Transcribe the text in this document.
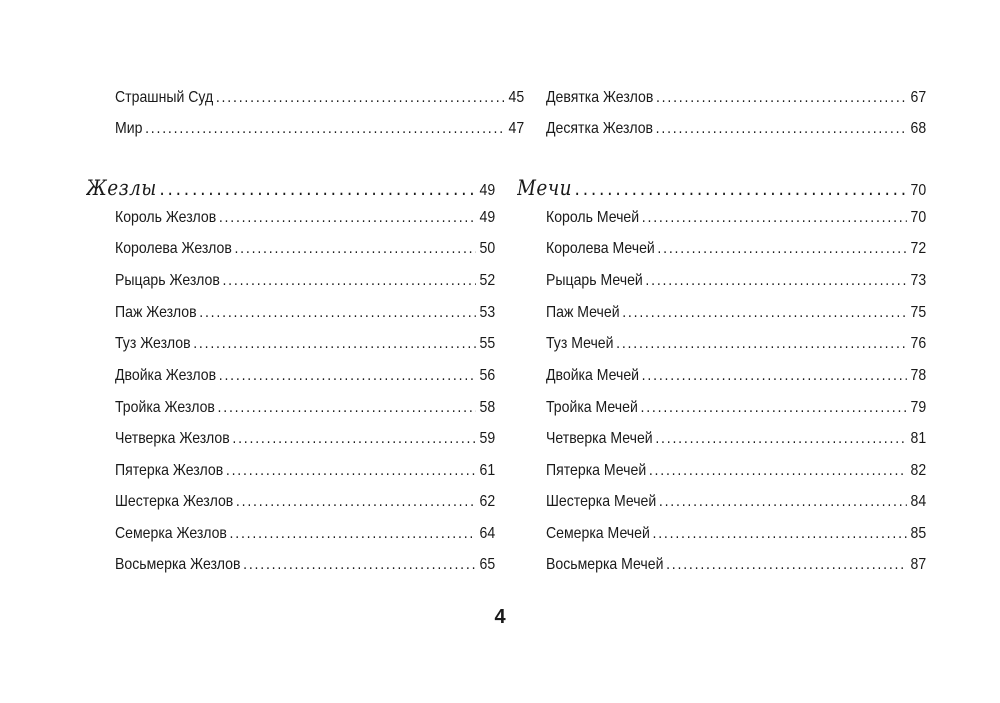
Страшный Суд . . .	45
Мир . . .	47
Жезлы . . .	49
Король Жезлов . . .	49
Королева Жезлов . . .	50
Рыцарь Жезлов . . .	52
Паж Жезлов . . .	53
Туз Жезлов . . .	55
Двойка Жезлов . . .	56
Тройка Жезлов . . .	58
Четверка Жезлов . . .	59
Пятерка Жезлов . . .	61
Шестерка Жезлов . . .	62
Семерка Жезлов . . .	64
Восьмерка Жезлов . . .	65
Девятка Жезлов . . .	67
Десятка Жезлов . . .	68
Мечи . . .	70
Король Мечей . . .	70
Королева Мечей . . .	72
Рыцарь Мечей . . .	73
Паж Мечей . . .	75
Туз Мечей . . .	76
Двойка Мечей . . .	78
Тройка Мечей . . .	79
Четверка Мечей . . .	81
Пятерка Мечей . . .	82
Шестерка Мечей . . .	84
Семерка Мечей . . .	85
Восьмерка Мечей . . .	87
4
